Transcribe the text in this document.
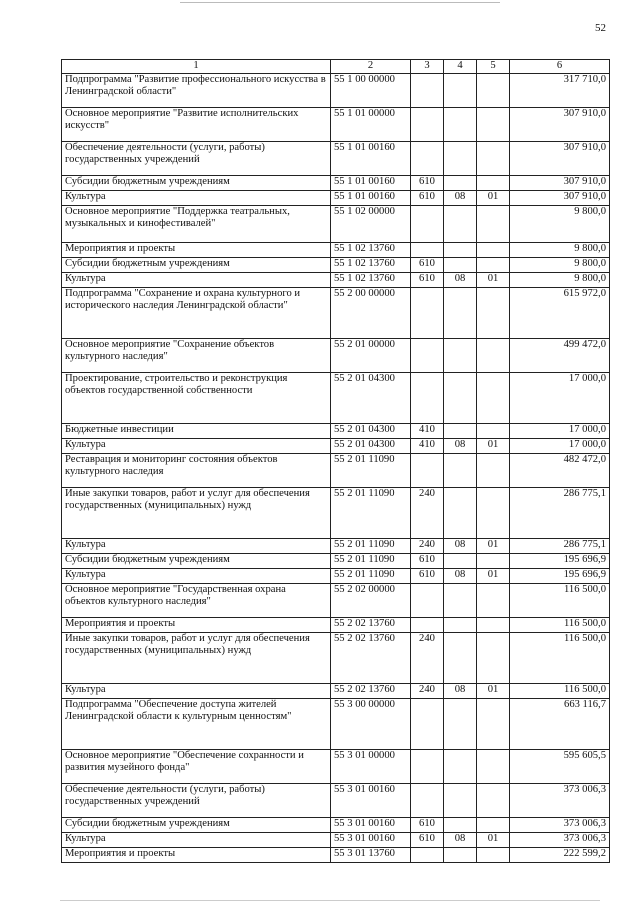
52
1	2	3	4	5	6
Подпрограмма "Развитие профессионального искусства в Ленинградской области"	55 1 00 00000				317 710,0
Основное мероприятие "Развитие исполнительских искусств"	55 1 01 00000				307 910,0
Обеспечение деятельности (услуги, работы) государственных учреждений	55 1 01 00160				307 910,0
Субсидии бюджетным учреждениям	55 1 01 00160	610			307 910,0
Культура	55 1 01 00160	610	08	01	307 910,0
Основное мероприятие "Поддержка театральных, музыкальных и кинофестивалей"	55 1 02 00000				9 800,0
Мероприятия и проекты	55 1 02 13760				9 800,0
Субсидии бюджетным учреждениям	55 1 02 13760	610			9 800,0
Культура	55 1 02 13760	610	08	01	9 800,0
Подпрограмма "Сохранение и охрана культурного и исторического наследия Ленинградской области"	55 2 00 00000				615 972,0
Основное мероприятие "Сохранение объектов культурного наследия"	55 2 01 00000				499 472,0
Проектирование, строительство и реконструкция объектов государственной собственности	55 2 01 04300				17 000,0
Бюджетные инвестиции	55 2 01 04300	410			17 000,0
Культура	55 2 01 04300	410	08	01	17 000,0
Реставрация и мониторинг состояния объектов культурного наследия	55 2 01 11090				482 472,0
Иные закупки товаров, работ и услуг для обеспечения государственных (муниципальных) нужд	55 2 01 11090	240			286 775,1
Культура	55 2 01 11090	240	08	01	286 775,1
Субсидии бюджетным учреждениям	55 2 01 11090	610			195 696,9
Культура	55 2 01 11090	610	08	01	195 696,9
Основное мероприятие "Государственная охрана объектов культурного наследия"	55 2 02 00000				116 500,0
Мероприятия и проекты	55 2 02 13760				116 500,0
Иные закупки товаров, работ и услуг для обеспечения государственных (муниципальных) нужд	55 2 02 13760	240			116 500,0
Культура	55 2 02 13760	240	08	01	116 500,0
Подпрограмма "Обеспечение доступа жителей Ленинградской области к культурным ценностям"	55 3 00 00000				663 116,7
Основное мероприятие "Обеспечение сохранности и развития музейного фонда"	55 3 01 00000				595 605,5
Обеспечение деятельности (услуги, работы) государственных учреждений	55 3 01 00160				373 006,3
Субсидии бюджетным учреждениям	55 3 01 00160	610			373 006,3
Культура	55 3 01 00160	610	08	01	373 006,3
Мероприятия и проекты	55 3 01 13760				222 599,2
